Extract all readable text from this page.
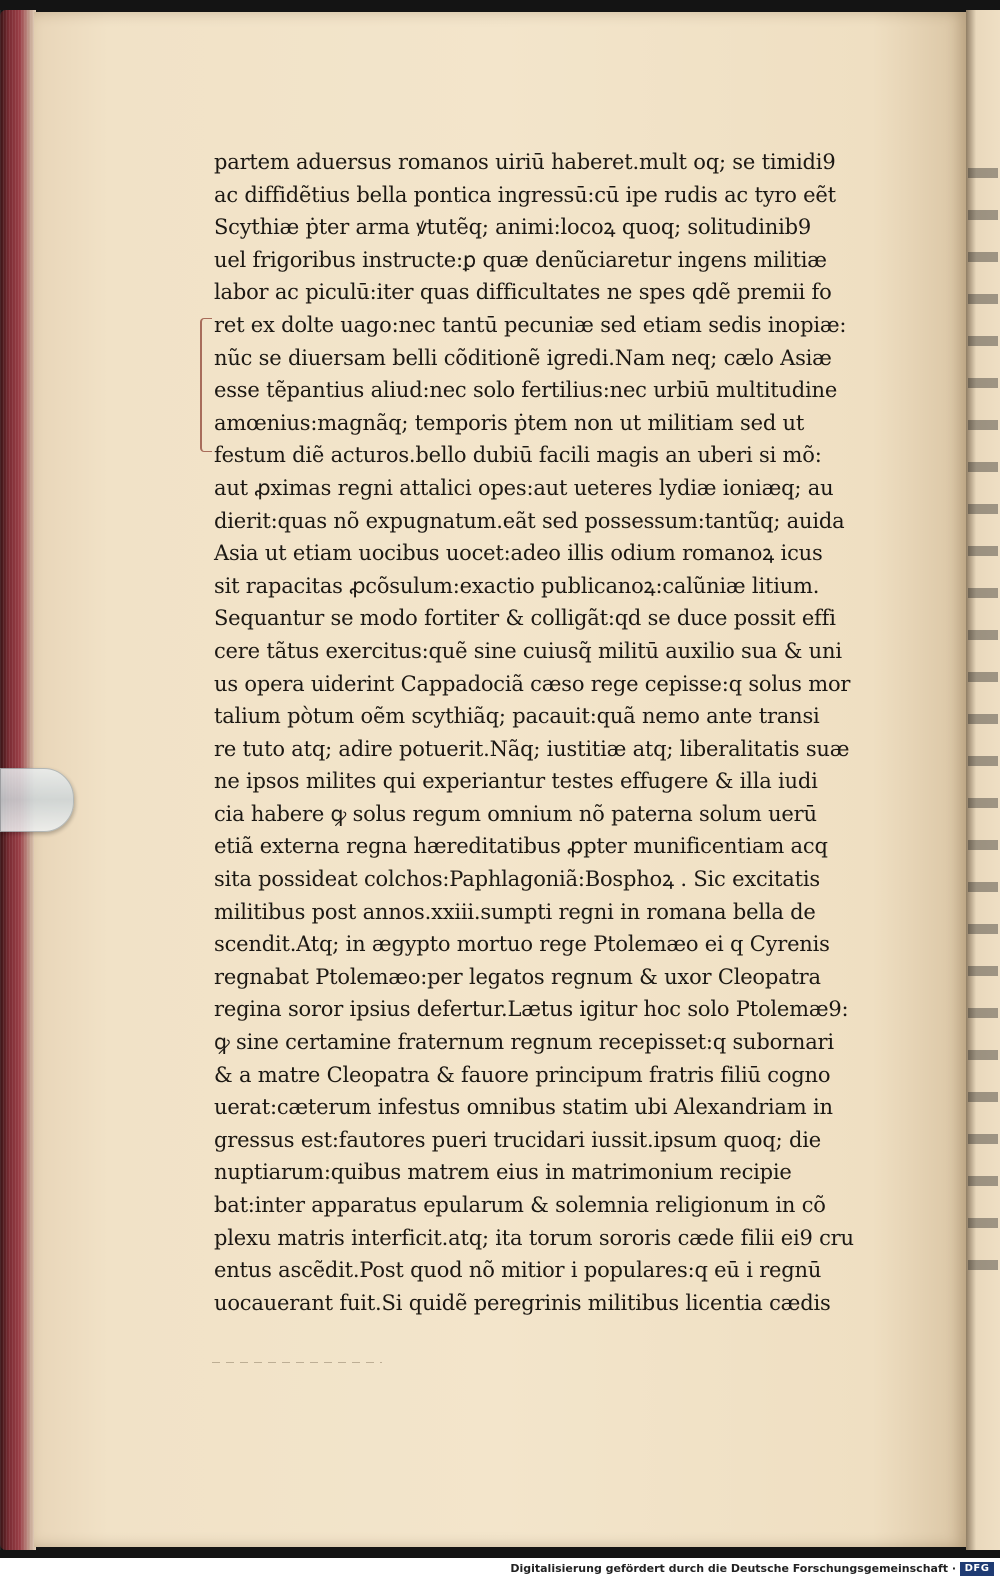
partem aduersus romanos uiriū haberet.mult oq; se timidi9
ac diffidẽtius bella pontica ingressū:cū ipe rudis ac tyro eẽt
Scythiæ ṗter arma ꝟtutẽq; animi:locoꝝ quoq; solitudinib9
uel frigoribus instructe:ꝑ quæ denũciaretur ingens militiæ
labor ac piculū:iter quas difficultates ne spes qdẽ premii fo
ret ex dolte uago:nec tantū pecuniæ sed etiam sedis inopiæ:
nũc se diuersam belli cõditionẽ igredi.Nam neq; cælo Asiæ
esse tẽpantius aliud:nec solo fertilius:nec urbiū multitudine
amœnius:magnãq; temporis ṗtem non ut militiam sed ut
festum diẽ acturos.bello dubiū facili magis an uberi si mõ:
aut ꝓximas regni attalici opes:aut ueteres lydiæ ioniæq; au
dierit:quas nõ expugnatum.eãt sed possessum:tantũq; auida
Asia ut etiam uocibus uocet:adeo illis odium romanoꝝ icus
sit rapacitas ꝓcõsulum:exactio publicanoꝝ:calũniæ litium.
Sequantur se modo fortiter & colligãt:qd se duce possit effi
cere tãtus exercitus:quẽ sine cuiusq̃ militū auxilio sua & uni
us opera uiderint Cappadociã cæso rege cepisse:q solus mor
talium pòtum oẽm scythiãq; pacauit:quã nemo ante transi
re tuto atq; adire potuerit.Nãq; iustitiæ atq; liberalitatis suæ
ne ipsos milites qui experiantur testes effugere & illa iudi
cia habere ꝙ solus regum omnium nõ paterna solum uerū
etiã externa regna hæreditatibus ꝓpter munificentiam acq
sita possideat colchos:Paphlagoniã:Bosphoꝝ . Sic excitatis
militibus post annos.xxiii.sumpti regni in romana bella de
scendit.Atq; in ægypto mortuo rege Ptolemæo ei q Cyrenis
regnabat Ptolemæo:per legatos regnum & uxor Cleopatra
regina soror ipsius defertur.Lætus igitur hoc solo Ptolemæ9:
ꝙ sine certamine fraternum regnum recepisset:q subornari
& a matre Cleopatra & fauore principum fratris filiū cogno
uerat:cæterum infestus omnibus statim ubi Alexandriam in
gressus est:fautores pueri trucidari iussit.ipsum quoq; die
nuptiarum:quibus matrem eius in matrimonium recipie
bat:inter apparatus epularum & solemnia religionum in cõ
plexu matris interficit.atq; ita torum sororis cæde filii ei9 cru
entus ascẽdit.Post quod nõ mitior i populares:q eū i regnū
uocauerant fuit.Si quidẽ peregrinis militibus licentia cædis
Digitalisierung gefördert durch die Deutsche Forschungsgemeinschaft · DFG
